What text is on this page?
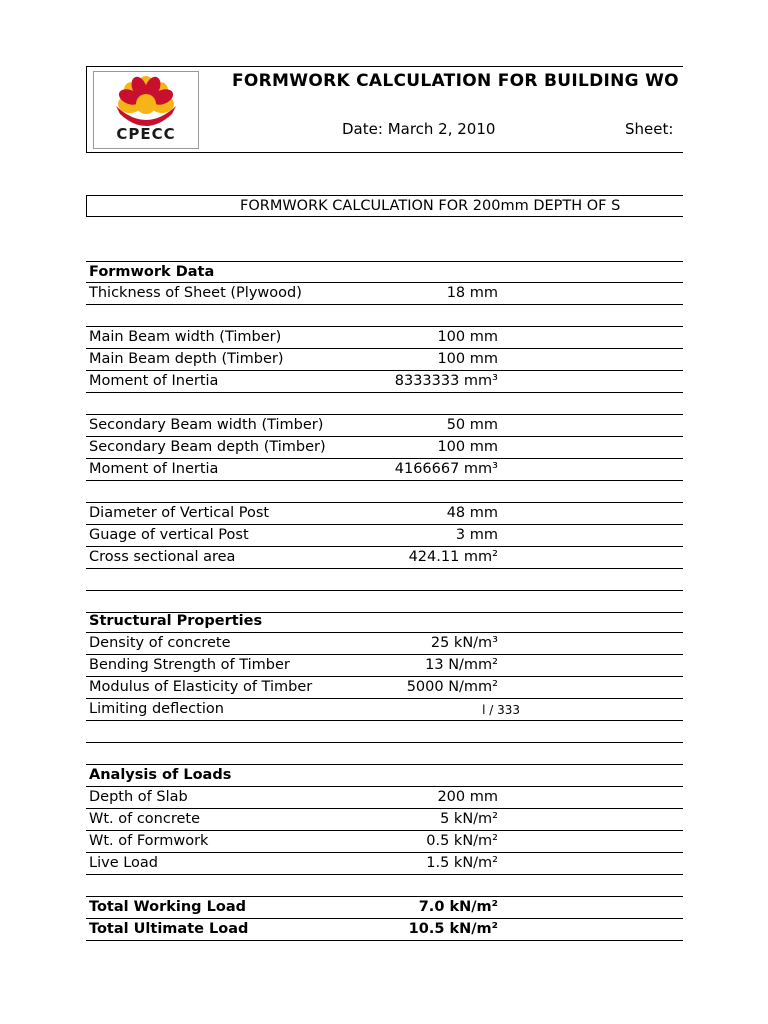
CPECC
FORMWORK CALCULATION FOR BUILDING WO
Date: March 2, 2010	Sheet:
FORMWORK CALCULATION FOR 200mm DEPTH OF S
Formwork Data
Thickness of Sheet (Plywood)	18 mm
Main Beam width (Timber)	100 mm
Main Beam depth (Timber)	100 mm
Moment of Inertia	8333333 mm³
Secondary Beam width (Timber)	50 mm
Secondary Beam depth (Timber)	100 mm
Moment of Inertia	4166667 mm³
Diameter of Vertical Post	48 mm
Guage of vertical Post	3 mm
Cross sectional area	424.11 mm²
Structural Properties
Density of concrete	25 kN/m³
Bending Strength of Timber	13 N/mm²
Modulus of Elasticity of Timber	5000 N/mm²
Limiting deflection	l / 333
Analysis of Loads
Depth of Slab	200 mm
Wt. of concrete	5 kN/m²
Wt. of Formwork	0.5 kN/m²
Live Load	1.5 kN/m²
Total Working Load	7.0 kN/m²
Total Ultimate Load	10.5 kN/m²
